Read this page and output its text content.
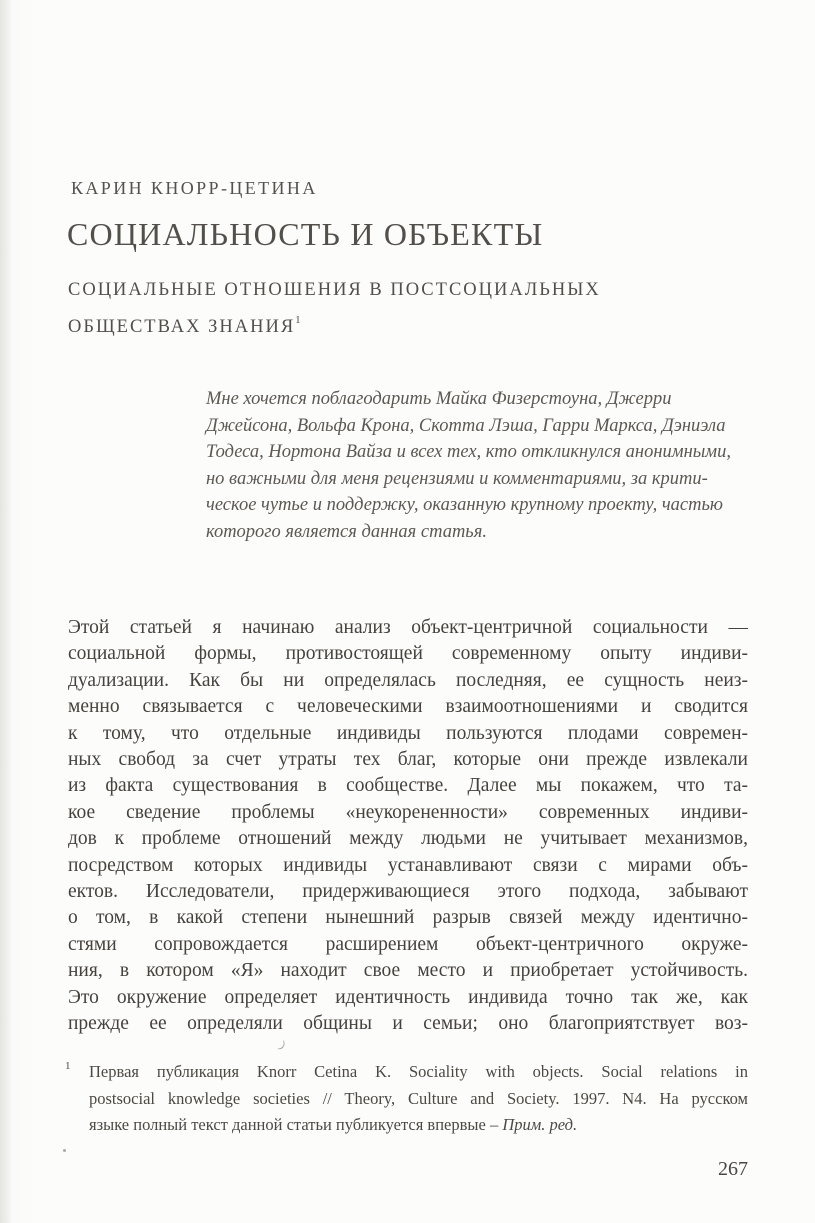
КАРИН КНОРР-ЦЕТИНА
СОЦИАЛЬНОСТЬ И ОБЪЕКТЫ
СОЦИАЛЬНЫЕ ОТНОШЕНИЯ В ПОСТСОЦИАЛЬНЫХ
ОБЩЕСТВАХ ЗНАНИЯ$^1$
Мне хочется поблагодарить Майка Физерстоуна, Джерри
Джейсона, Вольфа Крона, Скотта Лэша, Гарри Маркса, Дэниэла
Тодеса, Нортона Вайза и всех тех, кто откликнулся анонимными,
но важными для меня рецензиями и комментариями, за крити-
ческое чутье и поддержку, оказанную крупному проекту, частью
которого является данная статья.
Этой статьей я начинаю анализ объект-центричной социальности —
социальной формы, противостоящей современному опыту индиви-
дуализации. Как бы ни определялась последняя, ее сущность неиз-
менно связывается с человеческими взаимоотношениями и сводится
к тому, что отдельные индивиды пользуются плодами современ-
ных свобод за счет утраты тех благ, которые они прежде извлекали
из факта существования в сообществе. Далее мы покажем, что та-
кое сведение проблемы «неукорененности» современных индиви-
дов к проблеме отношений между людьми не учитывает механизмов,
посредством которых индивиды устанавливают связи с мирами объ-
ектов. Исследователи, придерживающиеся этого подхода, забывают
о том, в какой степени нынешний разрыв связей между идентично-
стями сопровождается расширением объект-центричного окруже-
ния, в котором «Я» находит свое место и приобретает устойчивость.
Это окружение определяет идентичность индивида точно так же, как
прежде ее определяли общины и семьи; оно благоприятствует воз-
1 Первая публикация Knorr Cetina K. Sociality with objects. Social relations in
postsocial knowledge societies // Theory, Culture and Society. 1997. N4. На русском
языке полный текст данной статьи публикуется впервые – Прим. ред.
267
